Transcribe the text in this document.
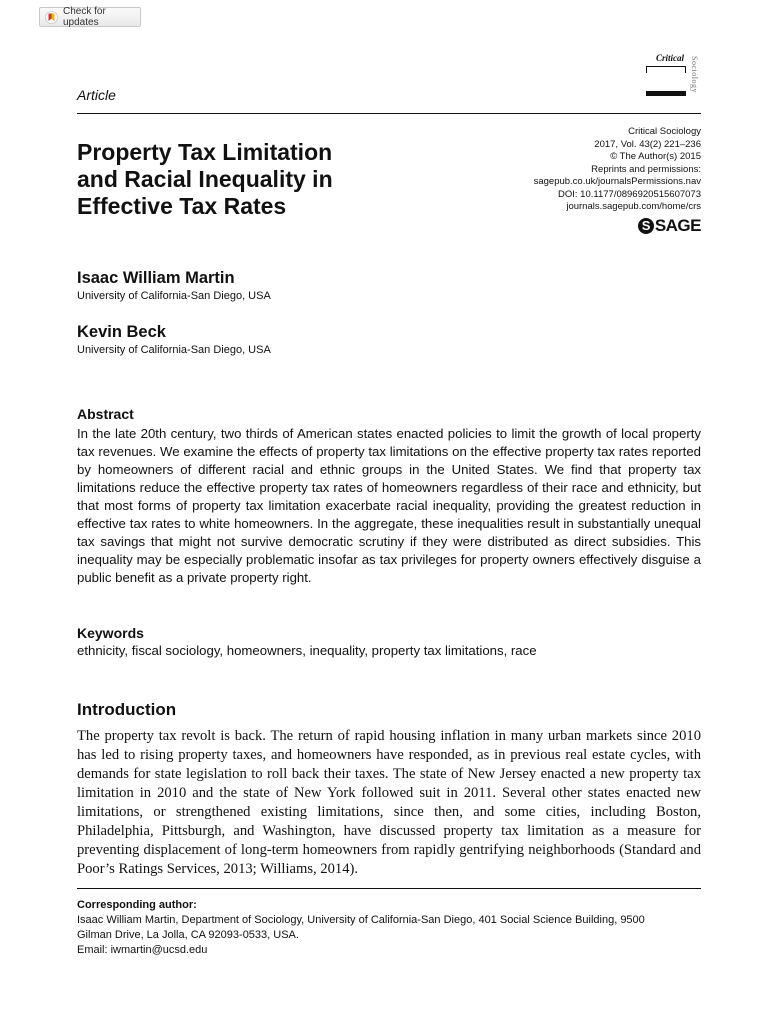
Check for updates
Critical Sociology
Article
Property Tax Limitation
and Racial Inequality in
Effective Tax Rates
Critical Sociology
2017, Vol. 43(2) 221–236
© The Author(s) 2015
Reprints and permissions:
sagepub.co.uk/journalsPermissions.nav
DOI: 10.1177/0896920515607073
journals.sagepub.com/home/crs
S SAGE
Isaac William Martin
University of California-San Diego, USA
Kevin Beck
University of California-San Diego, USA
Abstract

In the late 20th century, two thirds of American states enacted policies to limit the growth of local property tax revenues. We examine the effects of property tax limitations on the effective property tax rates reported by homeowners of different racial and ethnic groups in the United States. We find that property tax limitations reduce the effective property tax rates of homeowners regardless of their race and ethnicity, but that most forms of property tax limitation exacerbate racial inequality, providing the greatest reduction in effective tax rates to white homeowners. In the aggregate, these inequalities result in substantially unequal tax savings that might not survive democratic scrutiny if they were distributed as direct subsidies. This inequality may be especially problematic insofar as tax privileges for property owners effectively disguise a public benefit as a private property right.

Keywords
ethnicity, fiscal sociology, homeowners, inequality, property tax limitations, race
Introduction

The property tax revolt is back. The return of rapid housing inflation in many urban markets since 2010 has led to rising property taxes, and homeowners have responded, as in previous real estate cycles, with demands for state legislation to roll back their taxes. The state of New Jersey enacted a new property tax limitation in 2010 and the state of New York followed suit in 2011. Several other states enacted new limitations, or strengthened existing limitations, since then, and some cities, including Boston, Philadelphia, Pittsburgh, and Washington, have discussed property tax limitation as a measure for preventing displacement of long-term homeowners from rapidly gentrifying neighborhoods (Standard and Poor’s Ratings Services, 2013; Williams, 2014).

Corresponding author:
Isaac William Martin, Department of Sociology, University of California-San Diego, 401 Social Science Building, 9500
Gilman Drive, La Jolla, CA 92093-0533, USA.
Email: iwmartin@ucsd.edu
